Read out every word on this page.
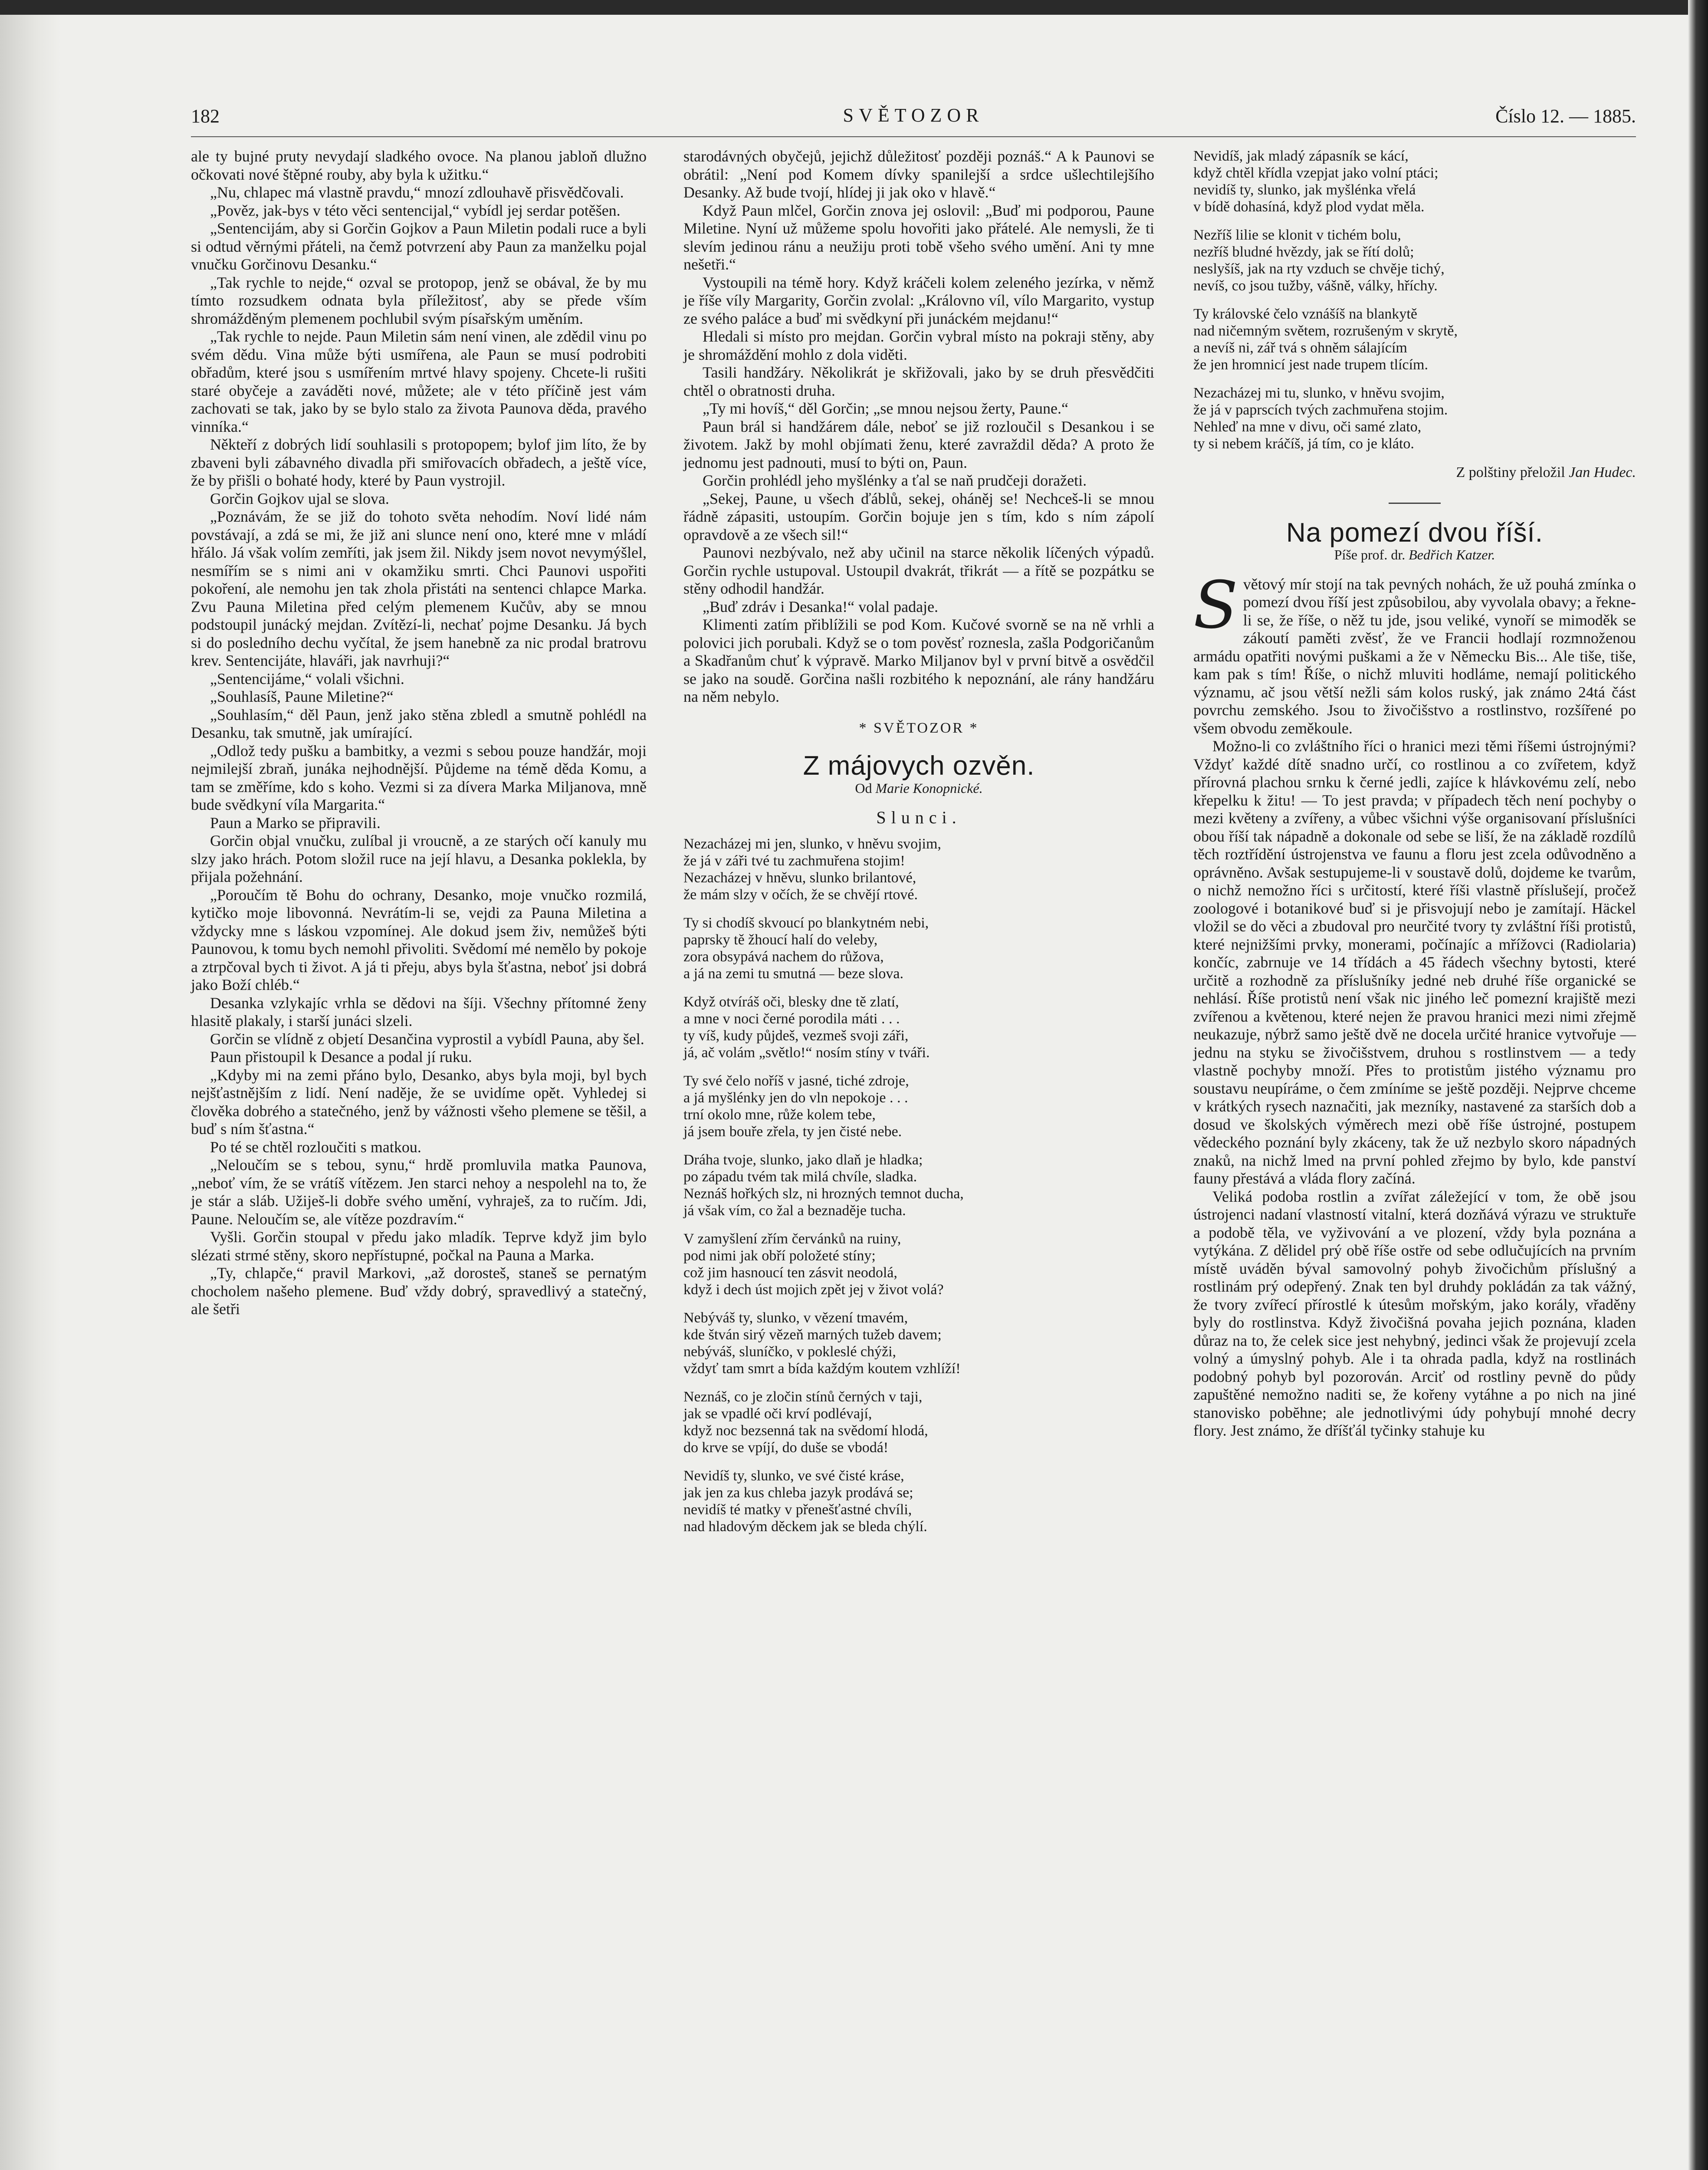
182	SVĚTOZOR	Číslo 12. — 1885.

ale ty bujné pruty nevydají sladkého ovoce. Na planou jabloň dlužno očkovati nové štěpné rouby, aby byla k užitku.“

„Nu, chlapec má vlastně pravdu,“ mnozí zdlouhavě přisvědčovali.

„Pověz, jak-bys v této věci sentencijal,“ vybídl jej serdar potěšen.

„Sentencijám, aby si Gorčin Gojkov a Paun Miletin podali ruce a byli si odtud věrnými přáteli, na čemž potvrzení aby Paun za manželku pojal vnučku Gorčinovu Desanku.“

„Tak rychle to nejde,“ ozval se protopop, jenž se obával, že by mu tímto rozsudkem odnata byla příležitosť, aby se přede vším shromážděným plemenem pochlubil svým písařským uměním.

„Tak rychle to nejde. Paun Miletin sám není vinen, ale zdědil vinu po svém dědu. Vina může býti usmířena, ale Paun se musí podrobiti obřadům, které jsou s usmířením mrtvé hlavy spojeny. Chcete-li rušiti staré obyčeje a zaváděti nové, můžete; ale v této příčině jest vám zachovati se tak, jako by se bylo stalo za života Paunova děda, pravého vinníka.“

Někteří z dobrých lidí souhlasili s protopopem; bylof jim líto, že by zbaveni byli zábavného divadla při smiřovacích obřadech, a ještě více, že by přišli o bohaté hody, které by Paun vystrojil.

Gorčin Gojkov ujal se slova.

„Poznávám, že se již do tohoto světa nehodím. Noví lidé nám povstávají, a zdá se mi, že již ani slunce není ono, které mne v mládí hřálo. Já však volím zemříti, jak jsem žil. Nikdy jsem novot nevymýšlel, nesmířím se s nimi ani v okamžiku smrti. Chci Paunovi uspořiti pokoření, ale nemohu jen tak zhola přistáti na sentenci chlapce Marka. Zvu Pauna Miletina před celým plemenem Kučův, aby se mnou podstoupil junácký mejdan. Zvítězí-li, nechať pojme Desanku. Já bych si do posledního dechu vyčítal, že jsem hanebně za nic prodal bratrovu krev. Sentencijáte, hlaváři, jak navrhuji?“

„Sentencijáme,“ volali všichni.

„Souhlasíš, Paune Miletine?“

„Souhlasím,“ děl Paun, jenž jako stěna zbledl a smutně pohlédl na Desanku, tak smutně, jak umírající.

„Odlož tedy pušku a bambitky, a vezmi s sebou pouze handžár, moji nejmilejší zbraň, junáka nejhodnější. Půjdeme na témě děda Komu, a tam se změříme, kdo s koho. Vezmi si za dívera Marka Miljanova, mně bude svědkyní víla Margarita.“

Paun a Marko se připravili.

Gorčin objal vnučku, zulíbal ji vroucně, a ze starých očí kanuly mu slzy jako hrách. Potom složil ruce na její hlavu, a Desanka poklekla, by přijala požehnání.

„Poroučím tě Bohu do ochrany, Desanko, moje vnučko rozmilá, kytičko moje libovonná. Nevrátím-li se, vejdi za Pauna Miletina a vždycky mne s láskou vzpomínej. Ale dokud jsem živ, nemůžeš býti Paunovou, k tomu bych nemohl přivoliti. Svědomí mé nemělo by pokoje a ztrpčoval bych ti život. A já ti přeju, abys byla šťastna, neboť jsi dobrá jako Boží chléb.“

Desanka vzlykajíc vrhla se dědovi na šíji. Všechny přítomné ženy hlasitě plakaly, i starší junáci slzeli.

Gorčin se vlídně z objetí Desančina vyprostil a vybídl Pauna, aby šel.

Paun přistoupil k Desance a podal jí ruku.

„Kdyby mi na zemi přáno bylo, Desanko, abys byla moji, byl bych nejšťastnějším z lidí. Není naděje, že se uvidíme opět. Vyhledej si člověka dobrého a statečného, jenž by vážnosti všeho plemene se těšil, a buď s ním šťastna.“

Po té se chtěl rozloučiti s matkou.

„Neloučím se s tebou, synu,“ hrdě promluvila matka Paunova, „neboť vím, že se vrátíš vítězem. Jen starci nehoy a nespolehl na to, že je stár a sláb. Užiješ-li dobře svého umění, vyhraješ, za to ručím. Jdi, Paune. Neloučím se, ale vítěze pozdravím.“

Vyšli. Gorčin stoupal v předu jako mladík. Teprve když jim bylo slézati strmé stěny, skoro nepřístupné, počkal na Pauna a Marka.

„Ty, chlapče,“ pravil Markovi, „až dorosteš, staneš se pernatým chocholem našeho plemene. Buď vždy dobrý, spravedlivý a statečný, ale šetři

starodávných obyčejů, jejichž důležitosť později poznáš.“ A k Paunovi se obrátil: „Není pod Komem dívky spanilejší a srdce ušlechtilejšího Desanky. Až bude tvojí, hlídej ji jak oko v hlavě.“

Když Paun mlčel, Gorčin znova jej oslovil: „Buď mi podporou, Paune Miletine. Nyní už můžeme spolu hovořiti jako přátelé. Ale nemysli, že ti slevím jedinou ránu a neužiju proti tobě všeho svého umění. Ani ty mne nešetři.“

Vystoupili na témě hory. Když kráčeli kolem zeleného jezírka, v němž je říše víly Margarity, Gorčin zvolal: „Královno víl, vílo Margarito, vystup ze svého paláce a buď mi svědkyní při junáckém mejdanu!“

Hledali si místo pro mejdan. Gorčin vybral místo na pokraji stěny, aby je shromáždění mohlo z dola viděti.

Tasili handžáry. Několikrát je skřižovali, jako by se druh přesvědčiti chtěl o obratnosti druha.

„Ty mi hovíš,“ děl Gorčin; „se mnou nejsou žerty, Paune.“

Paun brál si handžárem dále, neboť se již rozloučil s Desankou i se životem. Jakž by mohl objímati ženu, které zavraždil děda? A proto že jednomu jest padnouti, musí to býti on, Paun.

Gorčin prohlédl jeho myšlénky a ťal se naň prudčeji doražeti.

„Sekej, Paune, u všech ďáblů, sekej, oháněj se! Nechceš-li se mnou řádně zápasiti, ustoupím. Gorčin bojuje jen s tím, kdo s ním zápolí opravdově a ze všech sil!“

Paunovi nezbývalo, než aby učinil na starce několik líčených výpadů. Gorčin rychle ustupoval. Ustoupil dvakrát, třikrát — a řítě se pozpátku se stěny odhodil handžár.

„Buď zdráv i Desanka!“ volal padaje.

Klimenti zatím přiblížili se pod Kom. Kučové svorně se na ně vrhli a polovici jich porubali. Když se o tom pověsť roznesla, zašla Podgoričanům a Skadřanům chuť k výpravě. Marko Miljanov byl v první bitvě a osvědčil se jako na soudě. Gorčina našli rozbitého k nepoznání, ale rány handžáru na něm nebylo.

* SVĚTOZOR *
Z májovych ozvěn.
Od Marie Konopnické.
Slunci.
Nezacházej mi jen, slunko, v hněvu svojim,
že já v záři tvé tu zachmuřena stojim!
Nezacházej v hněvu, slunko brilantové,
že mám slzy v očích, že se chvějí rtové.
Ty si chodíš skvoucí po blankytném nebi,
paprsky tě žhoucí halí do veleby,
zora obsypává nachem do růžova,
a já na zemi tu smutná — beze slova.
Když otvíráš oči, blesky dne tě zlatí,
a mne v noci černé porodila máti . . .
ty víš, kudy půjdeš, vezmeš svoji záři,
já, ač volám „světlo!“ nosím stíny v tváři.
Ty své čelo noříš v jasné, tiché zdroje,
a já myšlénky jen do vln nepokoje . . .
trní okolo mne, růže kolem tebe,
já jsem bouře zřela, ty jen čisté nebe.
Dráha tvoje, slunko, jako dlaň je hladka;
po západu tvém tak milá chvíle, sladka.
Neznáš hořkých slz, ni hrozných temnot ducha,
já však vím, co žal a beznaděje tucha.
V zamyšlení zřím červánků na ruiny,
pod nimi jak obří položeté stíny;
což jim hasnoucí ten zásvit neodolá,
když i dech úst mojich zpět jej v život volá?
Nebýváš ty, slunko, v vězení tmavém,
kde štván sirý vězeň marných tužeb davem;
nebýváš, sluníčko, v pokleslé chýži,
vždyť tam smrt a bída každým koutem vzhlíží!
Neznáš, co je zločin stínů černých v taji,
jak se vpadlé oči krví podlévají,
když noc bezsenná tak na svědomí hlodá,
do krve se vpíjí, do duše se vbodá!
Nevidíš ty, slunko, ve své čisté kráse,
jak jen za kus chleba jazyk prodává se;
nevidíš té matky v přenešťastné chvíli,
nad hladovým děckem jak se bleda chýlí.
Nevidíš, jak mladý zápasník se kácí,
když chtěl křídla vzepjat jako volní ptáci;
nevidíš ty, slunko, jak myšlénka vřelá
v bídě dohasíná, když plod vydat měla.
Nezříš lilie se klonit v tichém bolu,
nezříš bludné hvězdy, jak se řítí dolů;
neslyšíš, jak na rty vzduch se chvěje tichý,
nevíš, co jsou tužby, vášně, války, hříchy.
Ty královské čelo vznášíš na blankytě
nad ničemným světem, rozrušeným v skrytě,
a nevíš ni, zář tvá s ohněm sálajícím
že jen hromnicí jest nade trupem tlícím.
Nezacházej mi tu, slunko, v hněvu svojim,
že já v paprscích tvých zachmuřena stojim.
Nehleď na mne v divu, oči samé zlato,
ty si nebem kráčíš, já tím, co je kláto.
Z polštiny přeložil Jan Hudec.
Na pomezí dvou říší.
Píše prof. dr. Bedřich Katzer.

Světový mír stojí na tak pevných nohách, že už pouhá zmínka o pomezí dvou říší jest způsobilou, aby vyvolala obavy; a řekne-li se, že říše, o něž tu jde, jsou veliké, vynoří se mimoděk se zákoutí paměti zvěsť, že ve Francii hodlají rozmnoženou armádu opatřiti novými puškami a že v Německu Bis... Ale tiše, tiše, kam pak s tím! Říše, o nichž mluviti hodláme, nemají politického významu, ač jsou větší nežli sám kolos ruský, jak známo 24tá část povrchu zemského. Jsou to živočišstvo a rostlinstvo, rozšířené po všem obvodu zeměkoule.

Možno-li co zvláštního říci o hranici mezi těmi říšemi ústrojnými? Vždyť každé dítě snadno určí, co rostlinou a co zvířetem, když přírovná plachou srnku k černé jedli, zajíce k hlávkovému zelí, nebo křepelku k žitu! — To jest pravda; v případech těch není pochyby o mezi květeny a zvířeny, a vůbec všichni výše organisovaní příslušníci obou říší tak nápadně a dokonale od sebe se liší, že na základě rozdílů těch roztřídění ústrojenstva ve faunu a floru jest zcela odůvodněno a oprávněno. Avšak sestupujeme-li v soustavě dolů, dojdeme ke tvarům, o nichž nemožno říci s určitostí, které říši vlastně příslušejí, pročež zoologové i botanikové buď si je přisvojují nebo je zamítají. Häckel vložil se do věci a zbudoval pro neurčité tvory ty zvláštní říši protistů, které nejnižšími prvky, monerami, počínajíc a mřížovci (Radiolaria) končíc, zabrnuje ve 14 třídách a 45 řádech všechny bytosti, které určitě a rozhodně za příslušníky jedné neb druhé říše organické se nehlásí. Říše protistů není však nic jiného leč pomezní krajiště mezi zvířenou a květenou, které nejen že pravou hranici mezi nimi zřejmě neukazuje, nýbrž samo ještě dvě ne docela určité hranice vytvořuje — jednu na styku se živočišstvem, druhou s rostlinstvem — a tedy vlastně pochyby množí. Přes to protistům jistého významu pro soustavu neupíráme, o čem zmíníme se ještě později. Nejprve chceme v krátkých rysech naznačiti, jak mezníky, nastavené za starších dob a dosud ve školských výměrech mezi obě říše ústrojné, postupem vědeckého poznání byly zkáceny, tak že už nezbylo skoro nápadných znaků, na nichž lmed na první pohled zřejmo by bylo, kde panství fauny přestává a vláda flory začíná.

Veliká podoba rostlin a zvířat záležející v tom, že obě jsou ústrojenci nadaní vlastností vitalní, která dozňává výrazu ve struktuře a podobě těla, ve vyživování a ve plození, vždy byla poznána a vytýkána. Z dělidel prý obě říše ostře od sebe odlučujících na prvním místě uváděn býval samovolný pohyb živočichům příslušný a rostlinám prý odepřený. Znak ten byl druhdy pokládán za tak vážný, že tvory zvířecí přírostlé k útesům mořským, jako korály, vřaděny byly do rostlinstva. Když živočišná povaha jejich poznána, kladen důraz na to, že celek sice jest nehybný, jedinci však že projevují zcela volný a úmyslný pohyb. Ale i ta ohrada padla, když na rostlinách podobný pohyb byl pozorován. Arciť od rostliny pevně do půdy zapuštěné nemožno naditi se, že kořeny vytáhne a po nich na jiné stanovisko pobĕhne; ale jednotlivými údy pohybují mnohé decry flory. Jest známo, že dříšťál tyčinky stahuje ku
